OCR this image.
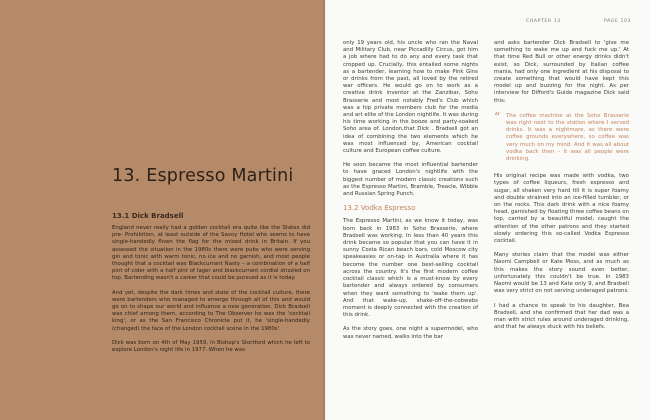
13. Espresso Martini
13.1 Dick Bradsell

England never really had a golden cocktail era quite like the States did pre- Prohibition, at least outside of the Savoy Hotel who seems to have single-handedly flown the flag for the mixed drink in Britain. If you assessed the situation in the 1980s there were pubs who were serving gin and tonic with warm tonic, no ice and no garnish, and most people thought that a cocktail was Blackcurrant Nasty – a combination of a half pint of cider with a half pint of lager and blackcurrant cordial drizzled on top. Bartending wasn't a career that could be pursued as it is today.

And yet, despite the dark times and state of the cocktail culture, there were bartenders who managed to emerge through all of this and would go on to shape our world and influence a new generation. Dick Bradsell was chief among them, according to The Observer he was the 'cocktail king', or as the San Francisco Chronicle put it, he 'single-handedly (changed) the face of the London cocktail scene in the 1980s'.

Dick was born on 4th of May 1959, in Bishop's Stortford which he left to explore London's night life in 1977. When he was

CHAPTER 13	PAGE 103

only 19 years old, his uncle who ran the Naval and Military Club, near Piccadilly Circus, got him a job where had to do any and every task that cropped up. Crucially, this entailed some nights as a bartender, learning how to make Pink Gins or drinks from the past, all loved by the retired war officers. He would go on to work as a creative drink inventor at the Zanzibar, Soho Brasserie and most notably Fred's Club which was a hip private members club for the media and art elite of the London nightlife. It was during his time working in the booze and party-soaked Soho area of. London,that Dick . Bradsell got an idea of combining the two elements which he was most influenced by, American cocktail culture and European coffee culture.

He soon became the most influential bartender to have graced London's nightlife with the biggest number of modern classic creations such as the Espresso Martini, Bramble, Treacle, Wibble and Russian Spring Punch.

13.2 Vodka Espresso

The Espresso Martini, as we know it today, was born back in 1983 in Soho Brasserie, where Bradsell was working. In less than 40 years this drink became so popular that you can have it in sunny Costa Rican beach bars, cold Moscow city speakeasies or on-tap in Australia where it has become the number one best-selling cocktail across the country. It's the first modern coffee cocktail classic which is a must-know by every bartender and always ordered by consumers when they want something to 'wake them up'. And that wake-up, shake-off-the-cobwebs moment is deeply connected with the creation of this drink.

As the story goes, one night a supermodel, who was never named, walks into the bar

and asks bartender Dick Bradsell to 'give me something to wake me up and fuck me up.' At that time Red Bull or other energy drinks didn't exist, so Dick, surrounded by Italian coffee mania, had only one ingredient at his disposal to create something that would have kept this model up and buzzing for the night. As per interview for Difford's Guide magazine Dick said this:

“ The coffee machine at the Soho Brasserie was right next to the station where I served drinks. It was a nightmare, as there were coffee grounds everywhere, so coffee was very much on my mind. And it was all about vodka back then – it was all people were drinking.

His original recipe was made with vodka, two types of coffee liqueurs, fresh espresso and sugar, all shaken very hard till it is super foamy and double strained into an ice-filled tumbler, or on the rocks. This dark drink with a nice foamy head, garnished by floating three coffee beans on top, carried by a beautiful model, caught the attention of the other patrons and they started slowly ordering this so-called Vodka Espresso cocktail.

Many stories claim that the model was either Naomi Campbell or Kate Moss, and as much as this makes the story sound even better, unfortunately this couldn't be true. In 1983 Naomi would be 13 and Kate only 9, and Bradsell was very strict on not serving underaged patrons.

I had a chance to speak to his daughter, Bea Bradsell, and she confirmed that her dad was a man with strict rules around underaged drinking, and that he always stuck with his beliefs.
